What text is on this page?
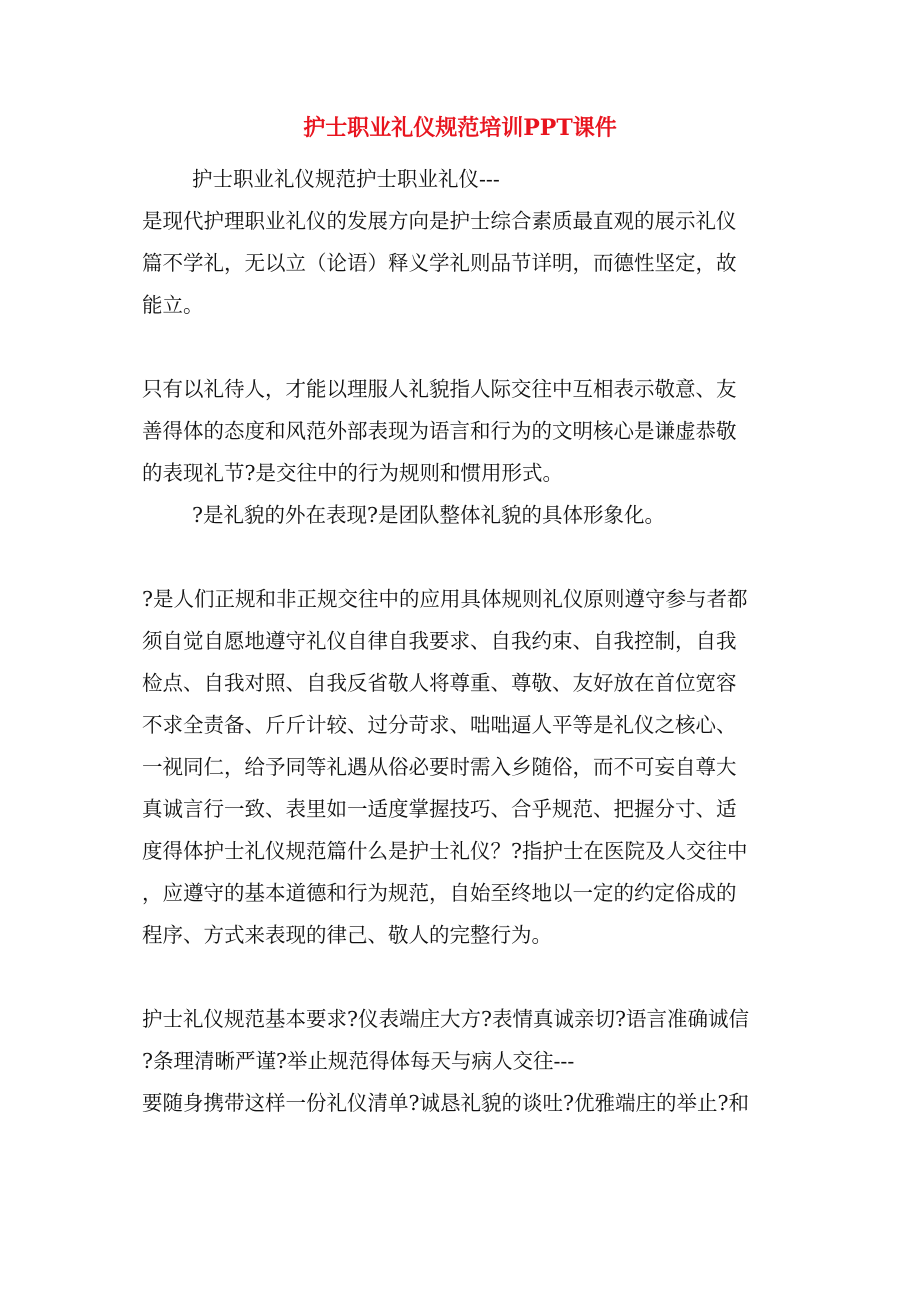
护士职业礼仪规范培训PPT课件
护士职业礼仪规范护士职业礼仪---
是现代护理职业礼仪的发展方向是护士综合素质最直观的展示礼仪
篇不学礼，无以立（论语）释义学礼则品节详明，而德性坚定，故
能立。
只有以礼待人，才能以理服人礼貌指人际交往中互相表示敬意、友
善得体的态度和风范外部表现为语言和行为的文明核心是谦虚恭敬
的表现礼节?是交往中的行为规则和惯用形式。
?是礼貌的外在表现?是团队整体礼貌的具体形象化。
?是人们正规和非正规交往中的应用具体规则礼仪原则遵守参与者都
须自觉自愿地遵守礼仪自律自我要求、自我约束、自我控制，自我
检点、自我对照、自我反省敬人将尊重、尊敬、友好放在首位宽容
不求全责备、斤斤计较、过分苛求、咄咄逼人平等是礼仪之核心、
一视同仁，给予同等礼遇从俗必要时需入乡随俗，而不可妄自尊大
真诚言行一致、表里如一适度掌握技巧、合乎规范、把握分寸、适
度得体护士礼仪规范篇什么是护士礼仪？?指护士在医院及人交往中
，应遵守的基本道德和行为规范，自始至终地以一定的约定俗成的
程序、方式来表现的律己、敬人的完整行为。
护士礼仪规范基本要求?仪表端庄大方?表情真诚亲切?语言准确诚信
?条理清晰严谨?举止规范得体每天与病人交往---
要随身携带这样一份礼仪清单?诚恳礼貌的谈吐?优雅端庄的举止?和
